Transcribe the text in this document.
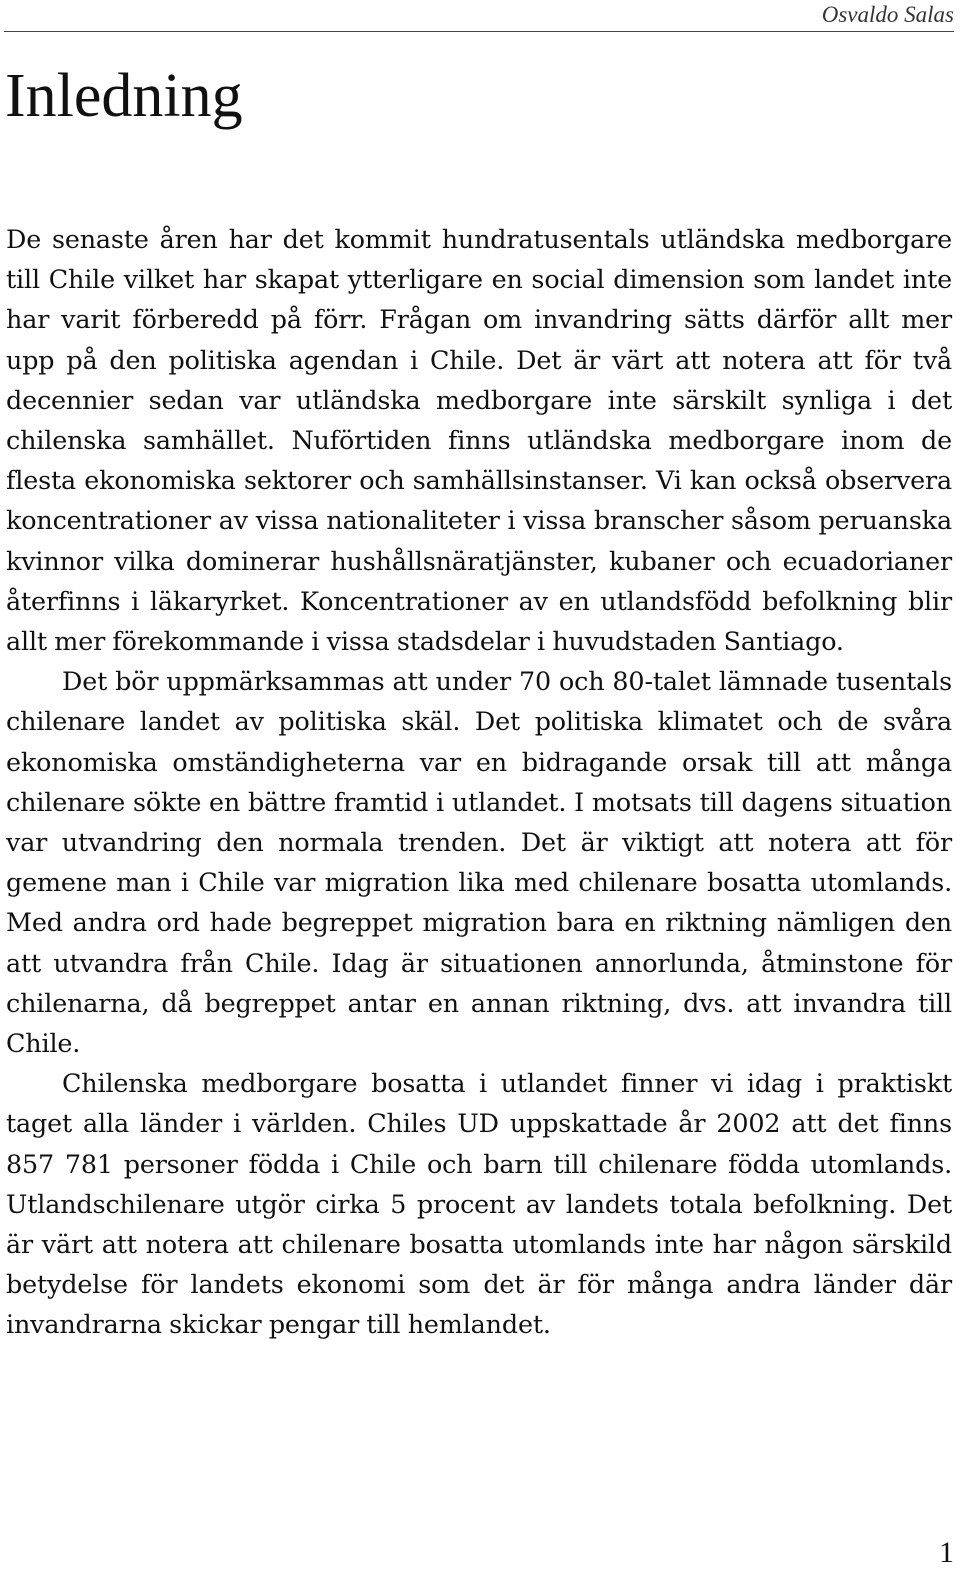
Osvaldo Salas
Inledning

De senaste åren har det kommit hundratusentals utländska medborgare till Chile vilket har skapat ytterligare en social dimension som landet inte har varit förberedd på förr. Frågan om invandring sätts därför allt mer upp på den politiska agendan i Chile. Det är värt att notera att för två decennier sedan var utländska medborgare inte särskilt synliga i det chilenska samhället. Nuförtiden finns utländska medborgare inom de flesta ekonomiska sektorer och samhällsinstanser. Vi kan också observera koncentrationer av vissa nationaliteter i vissa branscher såsom peruanska kvinnor vilka dominerar hushållsnäratjänster, kubaner och ecuadorianer återfinns i läkaryrket. Koncentrationer av en utlandsfödd befolkning blir allt mer förekommande i vissa stadsdelar i huvudstaden Santiago.

Det bör uppmärksammas att under 70 och 80-talet lämnade tusentals chilenare landet av politiska skäl. Det politiska klimatet och de svåra ekonomiska omständigheterna var en bidragande orsak till att många chilenare sökte en bättre framtid i utlandet. I motsats till dagens situation var utvandring den normala trenden. Det är viktigt att notera att för gemene man i Chile var migration lika med chilenare bosatta utomlands. Med andra ord hade begreppet migration bara en riktning nämligen den att utvandra från Chile. Idag är situationen annorlunda, åtminstone för chilenarna, då begreppet antar en annan riktning, dvs. att invandra till Chile.

Chilenska medborgare bosatta i utlandet finner vi idag i praktiskt taget alla länder i världen. Chiles UD uppskattade år 2002 att det finns 857 781 personer födda i Chile och barn till chilenare födda utomlands. Utlandschilenare utgör cirka 5 procent av landets totala befolkning. Det är värt att notera att chilenare bosatta utomlands inte har någon särskild betydelse för landets ekonomi som det är för många andra länder där invandrarna skickar pengar till hemlandet.

1
